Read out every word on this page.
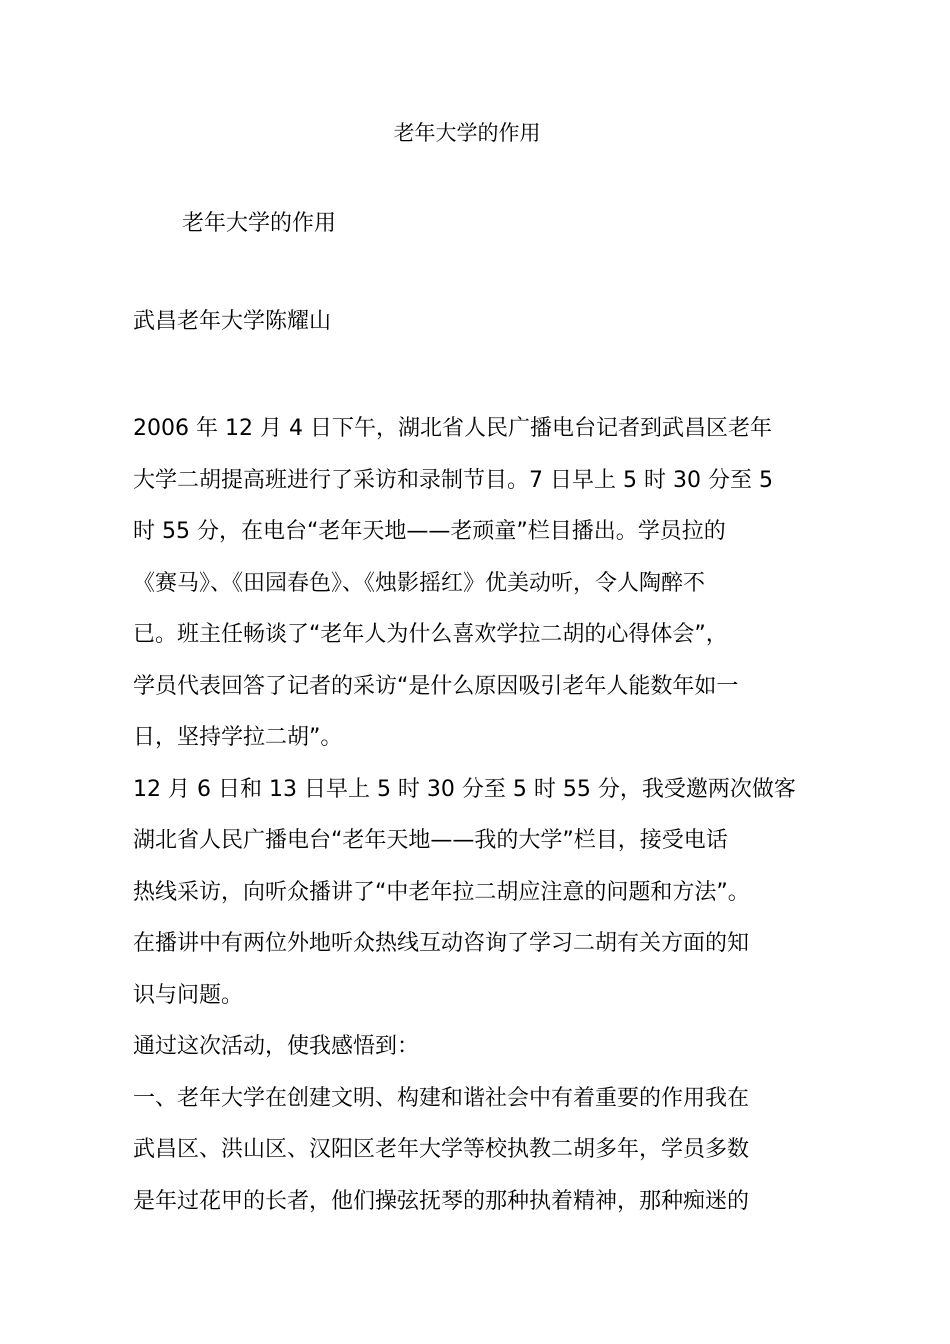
老年大学的作用
老年大学的作用
武昌老年大学陈耀山
2006 年 12 月 4 日下午，湖北省人民广播电台记者到武昌区老年
大学二胡提高班进行了采访和录制节目。7 日早上 5 时 30 分至 5
时 55 分，在电台“老年天地——老顽童”栏目播出。学员拉的
《赛马》、《田园春色》、《烛影摇红》优美动听，令人陶醉不
已。班主任畅谈了“老年人为什么喜欢学拉二胡的心得体会”，
学员代表回答了记者的采访“是什么原因吸引老年人能数年如一
日，坚持学拉二胡”。
12 月 6 日和 13 日早上 5 时 30 分至 5 时 55 分，我受邀两次做客
湖北省人民广播电台“老年天地——我的大学”栏目，接受电话
热线采访，向听众播讲了“中老年拉二胡应注意的问题和方法”。
在播讲中有两位外地听众热线互动咨询了学习二胡有关方面的知
识与问题。
通过这次活动，使我感悟到：
一、老年大学在创建文明、构建和谐社会中有着重要的作用我在
武昌区、洪山区、汉阳区老年大学等校执教二胡多年，学员多数
是年过花甲的长者，他们操弦抚琴的那种执着精神，那种痴迷的
